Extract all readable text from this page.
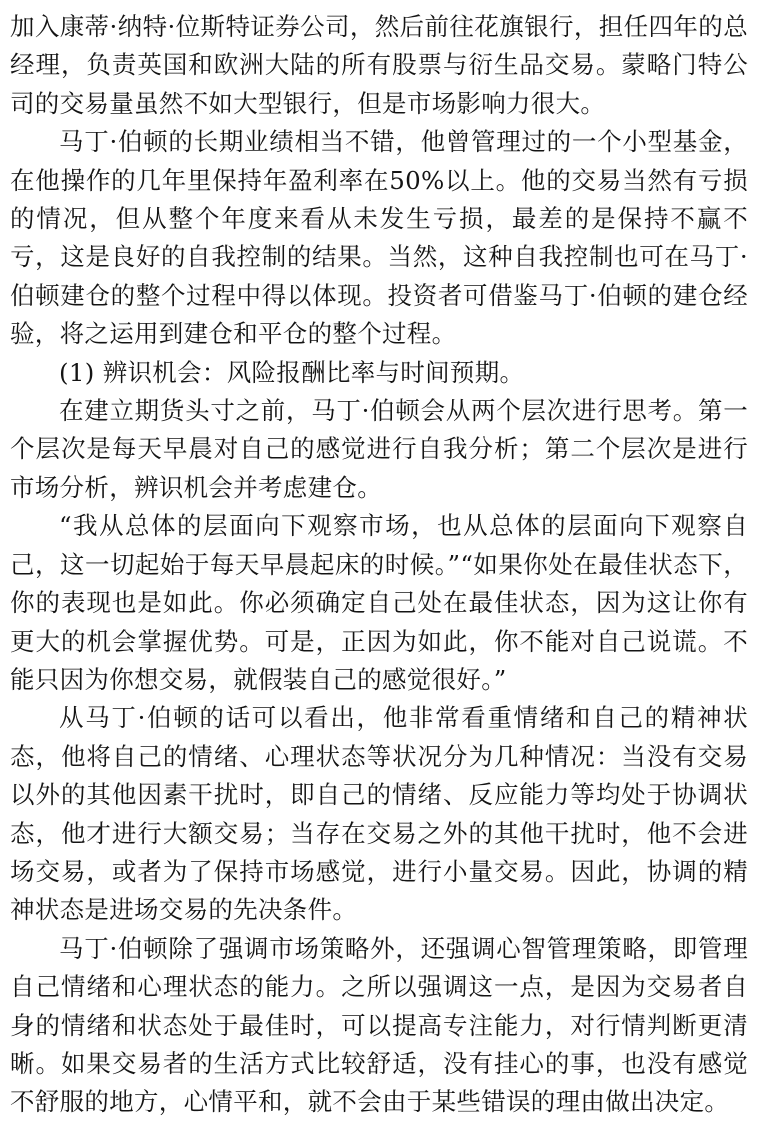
加入康蒂·纳特·位斯特证券公司，然后前往花旗银行，担任四年的总经理，负责英国和欧洲大陆的所有股票与衍生品交易。蒙略门特公司的交易量虽然不如大型银行，但是市场影响力很大。

马丁·伯顿的长期业绩相当不错，他曾管理过的一个小型基金，在他操作的几年里保持年盈利率在50%以上。他的交易当然有亏损的情况，但从整个年度来看从未发生亏损，最差的是保持不赢不亏，这是良好的自我控制的结果。当然，这种自我控制也可在马丁·伯顿建仓的整个过程中得以体现。投资者可借鉴马丁·伯顿的建仓经验，将之运用到建仓和平仓的整个过程。

(1) 辨识机会：风险报酬比率与时间预期。

在建立期货头寸之前，马丁·伯顿会从两个层次进行思考。第一个层次是每天早晨对自己的感觉进行自我分析；第二个层次是进行市场分析，辨识机会并考虑建仓。

“我从总体的层面向下观察市场，也从总体的层面向下观察自己，这一切起始于每天早晨起床的时候。”“如果你处在最佳状态下，你的表现也是如此。你必须确定自己处在最佳状态，因为这让你有更大的机会掌握优势。可是，正因为如此，你不能对自己说谎。不能只因为你想交易，就假装自己的感觉很好。”

从马丁·伯顿的话可以看出，他非常看重情绪和自己的精神状态，他将自己的情绪、心理状态等状况分为几种情况：当没有交易以外的其他因素干扰时，即自己的情绪、反应能力等均处于协调状态，他才进行大额交易；当存在交易之外的其他干扰时，他不会进场交易，或者为了保持市场感觉，进行小量交易。因此，协调的精神状态是进场交易的先决条件。

马丁·伯顿除了强调市场策略外，还强调心智管理策略，即管理自己情绪和心理状态的能力。之所以强调这一点，是因为交易者自身的情绪和状态处于最佳时，可以提高专注能力，对行情判断更清晰。如果交易者的生活方式比较舒适，没有挂心的事，也没有感觉不舒服的地方，心情平和，就不会由于某些错误的理由做出决定。
